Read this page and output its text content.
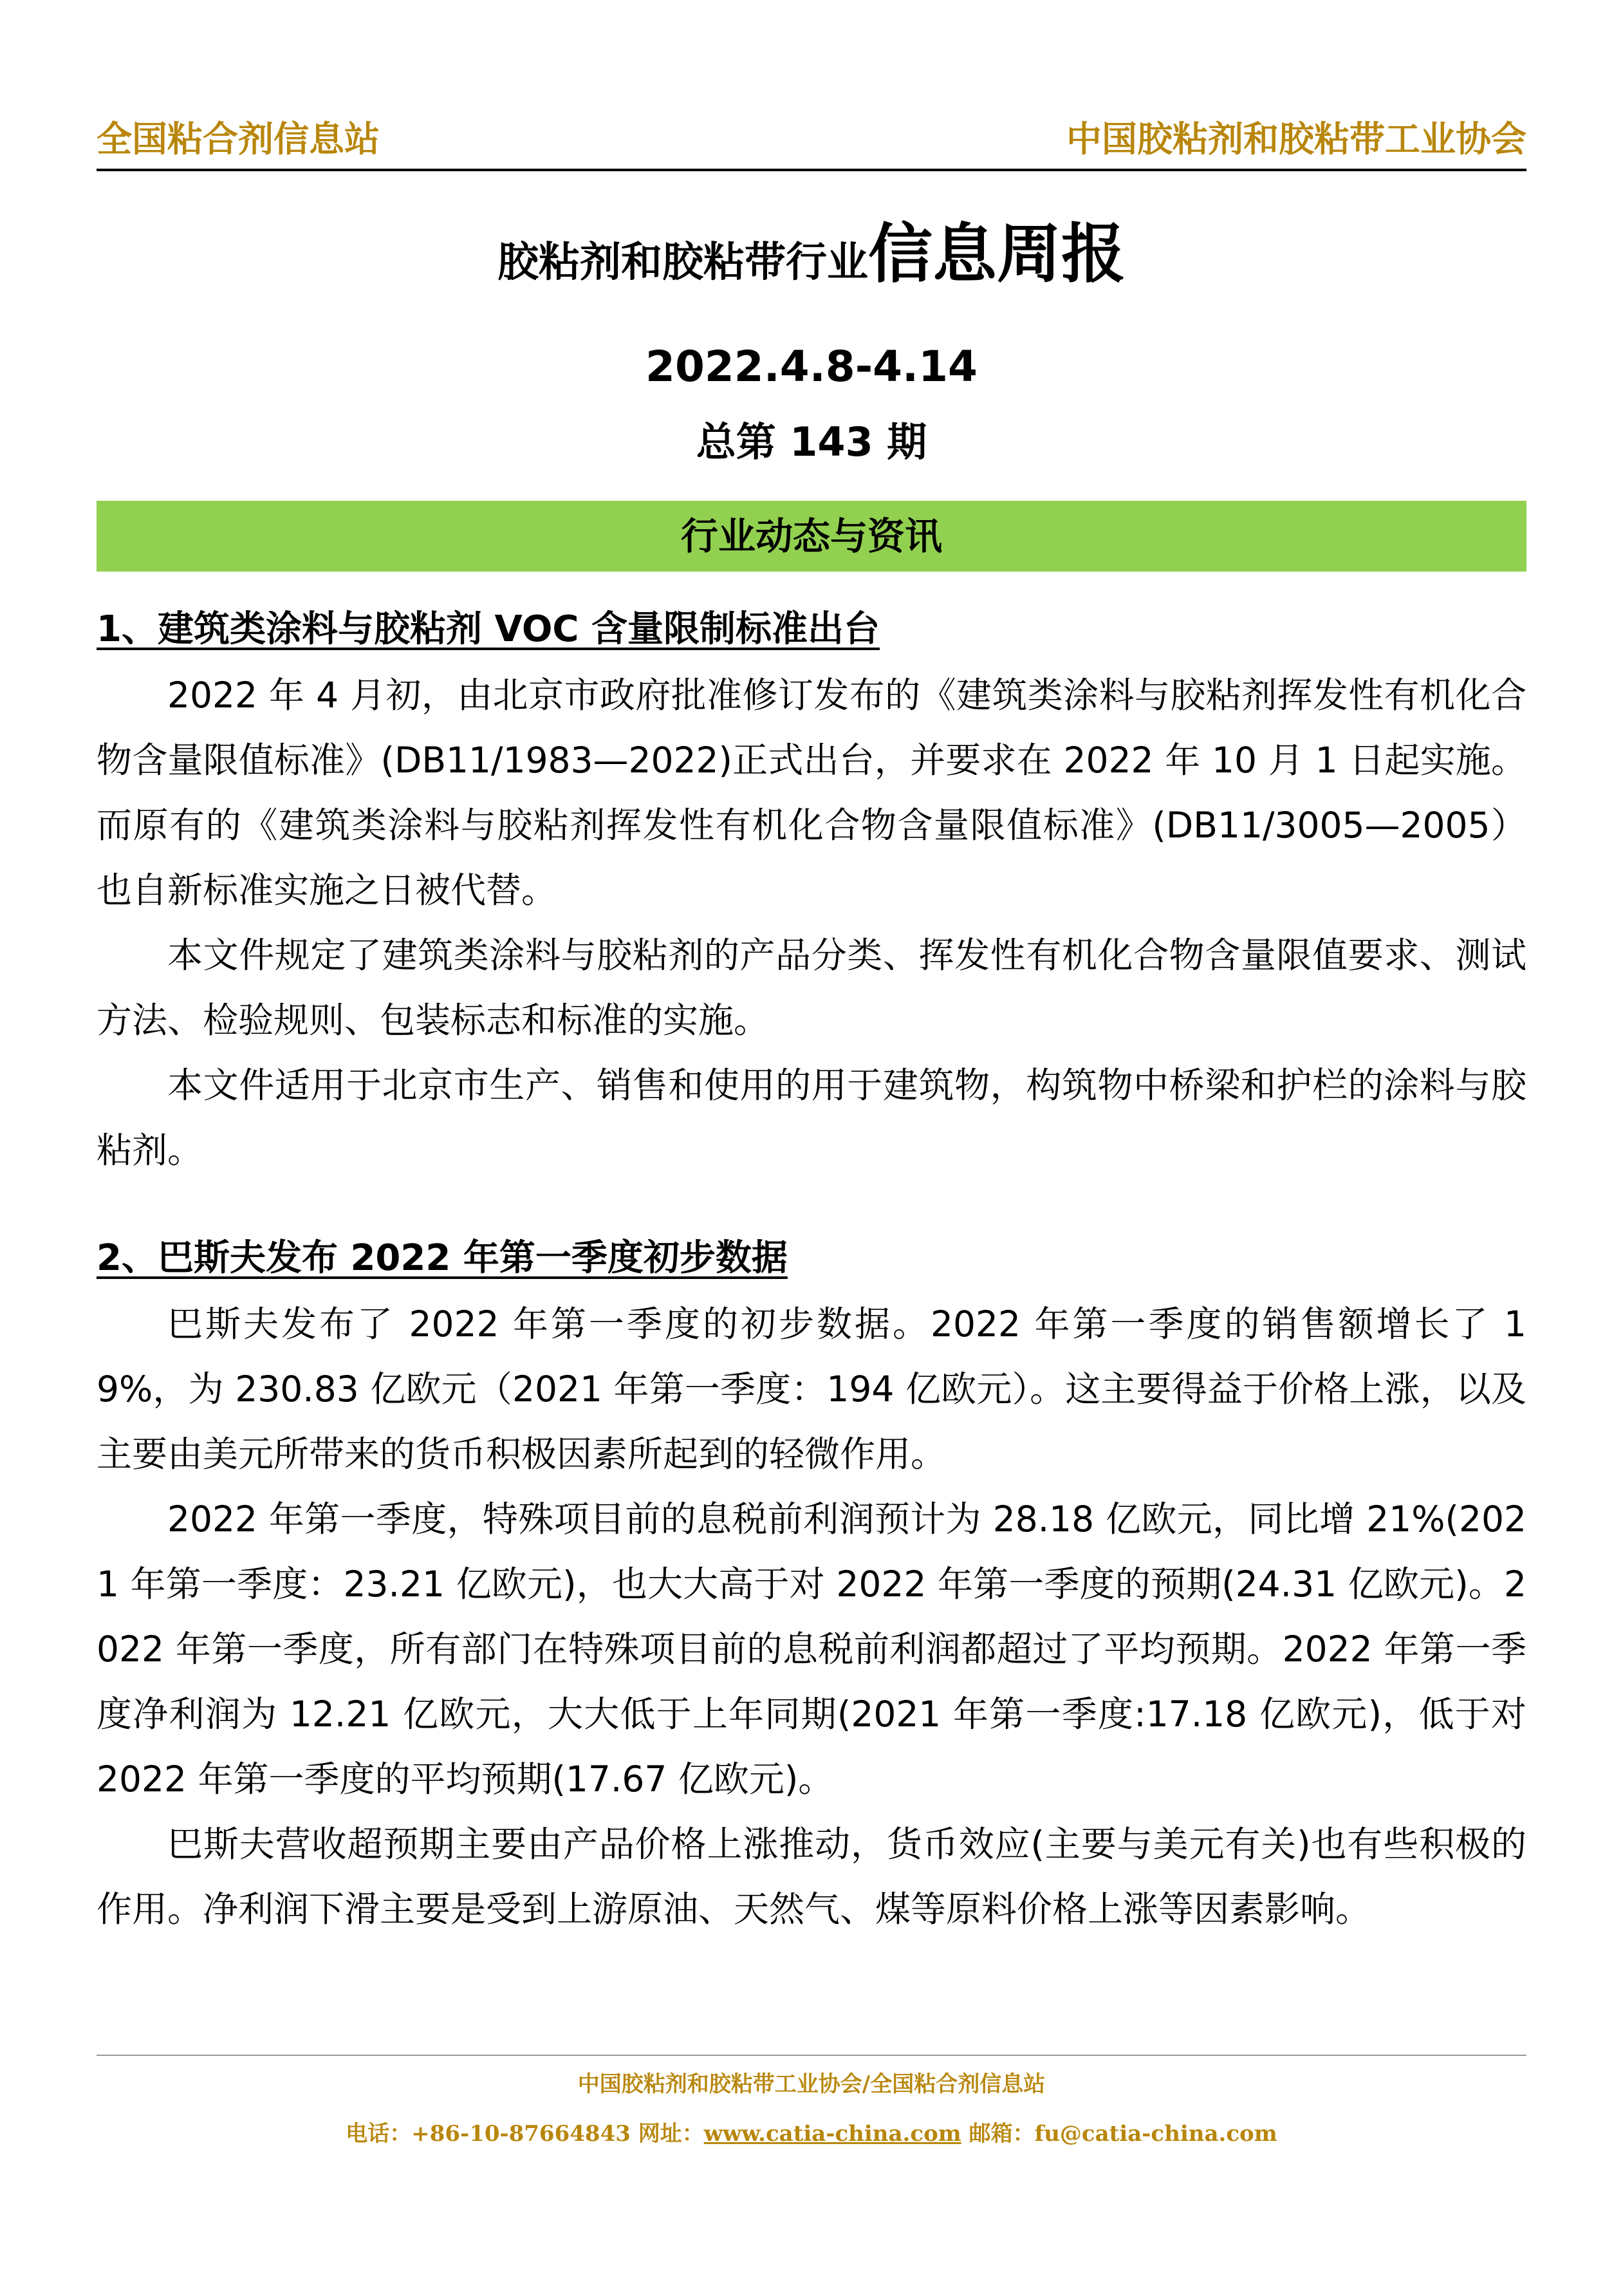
全国粘合剂信息站	中国胶粘剂和胶粘带工业协会
胶粘剂和胶粘带行业信息周报
2022.4.8-4.14
总第 143 期
行业动态与资讯

1、建筑类涂料与胶粘剂 VOC 含量限制标准出台

2022 年 4 月初，由北京市政府批准修订发布的《建筑类涂料与胶粘剂挥发性有机化合物含量限值标准》(DB11/1983—2022)正式出台，并要求在 2022 年 10 月 1 日起实施。而原有的《建筑类涂料与胶粘剂挥发性有机化合物含量限值标准》(DB11/3005—2005）也自新标准实施之日被代替。

本文件规定了建筑类涂料与胶粘剂的产品分类、挥发性有机化合物含量限值要求、测试方法、检验规则、包装标志和标准的实施。

本文件适用于北京市生产、销售和使用的用于建筑物，构筑物中桥梁和护栏的涂料与胶粘剂。

2、巴斯夫发布 2022 年第一季度初步数据

巴斯夫发布了 2022 年第一季度的初步数据。2022 年第一季度的销售额增长了 19%，为 230.83 亿欧元（2021 年第一季度：194 亿欧元）。这主要得益于价格上涨，以及主要由美元所带来的货币积极因素所起到的轻微作用。

2022 年第一季度，特殊项目前的息税前利润预计为 28.18 亿欧元，同比增 21%(2021 年第一季度：23.21 亿欧元)，也大大高于对 2022 年第一季度的预期(24.31 亿欧元)。2022 年第一季度，所有部门在特殊项目前的息税前利润都超过了平均预期。2022 年第一季度净利润为 12.21 亿欧元，大大低于上年同期(2021 年第一季度:17.18 亿欧元)，低于对 2022 年第一季度的平均预期(17.67 亿欧元)。

巴斯夫营收超预期主要由产品价格上涨推动，货币效应(主要与美元有关)也有些积极的作用。净利润下滑主要是受到上游原油、天然气、煤等原料价格上涨等因素影响。

中国胶粘剂和胶粘带工业协会/全国粘合剂信息站
电话：+86-10-87664843 网址：www.catia-china.com 邮箱：fu@catia-china.com
